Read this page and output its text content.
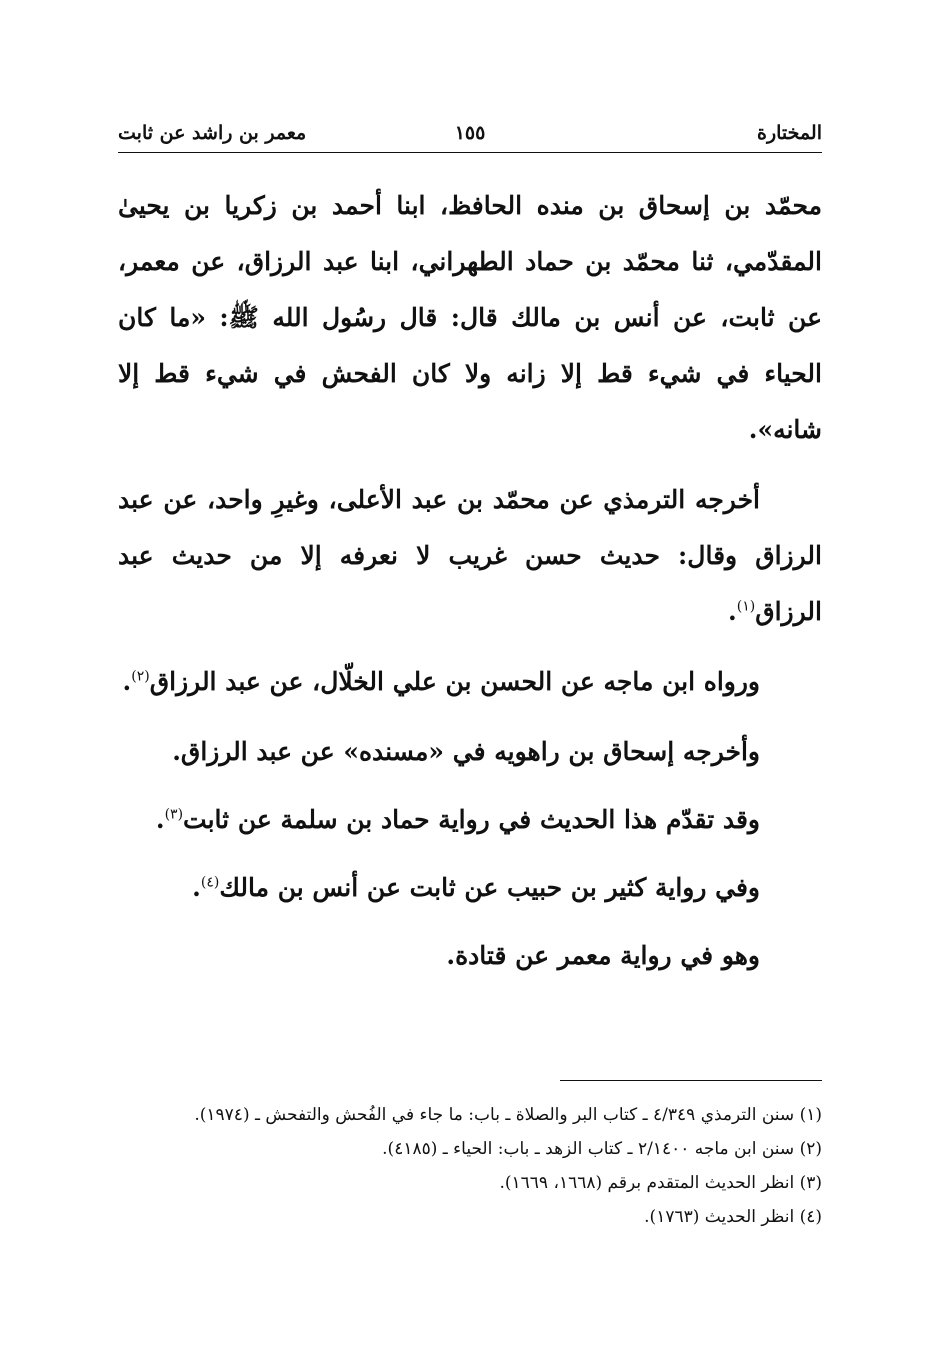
المختارة
١٥٥
معمر بن راشد عن ثابت

محمّد بن إسحاق بن منده الحافظ، ابنا أحمد بن زكريا بن يحيىٰ المقدّمي، ثنا محمّد بن حماد الطهراني، ابنا عبد الرزاق، عن معمر، عن ثابت، عن أنس بن مالك قال: قال رسُول الله ﷺ: «ما كان الحياء في شيء قط إلا زانه ولا كان الفحش في شيء قط إلا شانه».

أخرجه الترمذي عن محمّد بن عبد الأعلى، وغيرِ واحد، عن عبد الرزاق وقال: حديث حسن غريب لا نعرفه إلا من حديث عبد الرزاق$^{(١)}$.

ورواه ابن ماجه عن الحسن بن علي الخلّال، عن عبد الرزاق$^{(٢)}$.

وأخرجه إسحاق بن راهويه في «مسنده» عن عبد الرزاق.

وقد تقدّم هذا الحديث في رواية حماد بن سلمة عن ثابت$^{(٣)}$.

وفي رواية كثير بن حبيب عن ثابت عن أنس بن مالك$^{(٤)}$.

وهو في رواية معمر عن قتادة.

(١) سنن الترمذي ٤/٣٤٩ ـ كتاب البر والصلاة ـ باب: ما جاء في الفُحش والتفحش ـ (١٩٧٤).

(٢) سنن ابن ماجه ٢/١٤٠٠ ـ كتاب الزهد ـ باب: الحياء ـ (٤١٨٥).

(٣) انظر الحديث المتقدم برقم (١٦٦٨، ١٦٦٩).

(٤) انظر الحديث (١٧٦٣).
